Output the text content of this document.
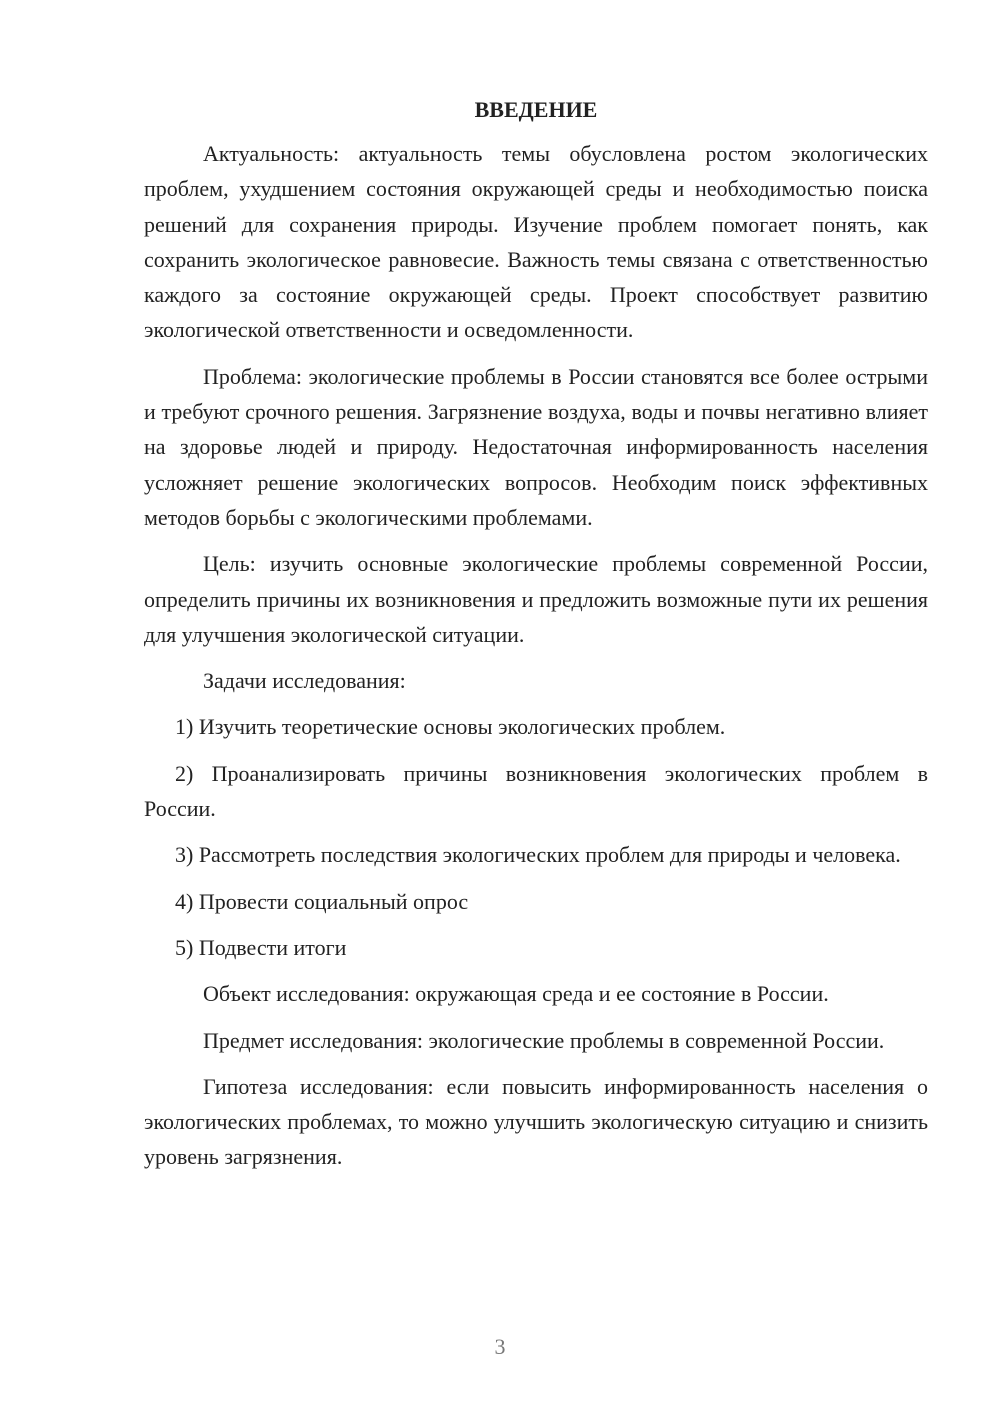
ВВЕДЕНИЕ

Актуальность: актуальность темы обусловлена ростом экологических проблем, ухудшением состояния окружающей среды и необходимостью поиска решений для сохранения природы. Изучение проблем помогает понять, как сохранить экологическое равновесие. Важность темы связана с ответственностью каждого за состояние окружающей среды. Проект способствует развитию экологической ответственности и осведомленности.

Проблема: экологические проблемы в России становятся все более острыми и требуют срочного решения. Загрязнение воздуха, воды и почвы негативно влияет на здоровье людей и природу. Недостаточная информированность населения усложняет решение экологических вопросов. Необходим поиск эффективных методов борьбы с экологическими проблемами.

Цель: изучить основные экологические проблемы современной России, определить причины их возникновения и предложить возможные пути их решения для улучшения экологической ситуации.

Задачи исследования:

1) Изучить теоретические основы экологических проблем.

2) Проанализировать причины возникновения экологических проблем в России.

3) Рассмотреть последствия экологических проблем для природы и человека.

4) Провести социальный опрос

5) Подвести итоги

Объект исследования: окружающая среда и ее состояние в России.

Предмет исследования: экологические проблемы в современной России.

Гипотеза исследования: если повысить информированность населения о экологических проблемах, то можно улучшить экологическую ситуацию и снизить уровень загрязнения.

3
